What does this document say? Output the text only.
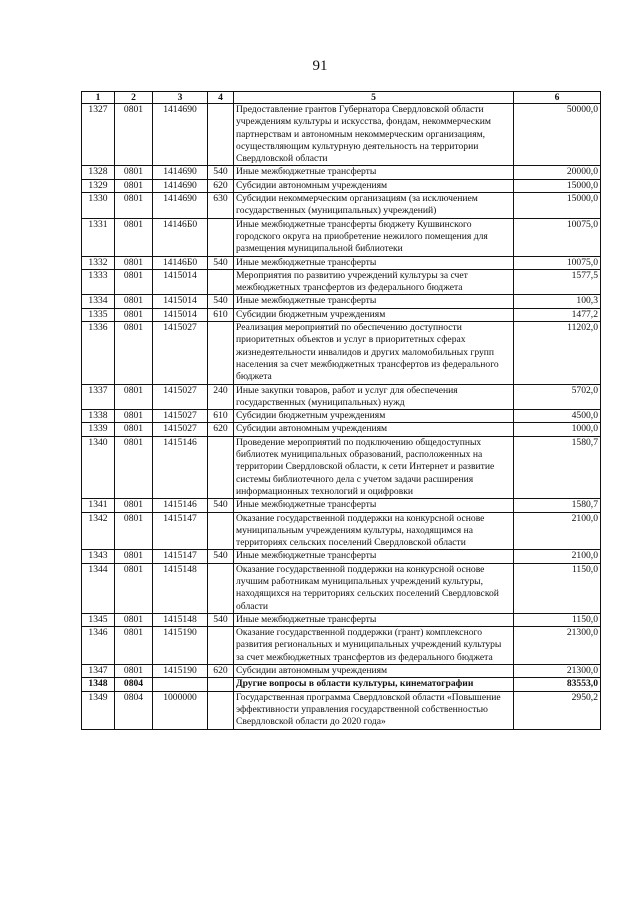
91
1	2	3	4	5	6
1327	0801	1414690		Предоставление грантов Губернатора Свердловской области учреждениям культуры и искусства, фондам, некоммерческим партнерствам и автономным некоммерческим организациям, осуществляющим культурную деятельность на территории Свердловской области	50000,0
1328	0801	1414690	540	Иные межбюджетные трансферты	20000,0
1329	0801	1414690	620	Субсидии автономным учреждениям	15000,0
1330	0801	1414690	630	Субсидии некоммерческим организациям (за исключением государственных (муниципальных) учреждений)	15000,0
1331	0801	14146Б0		Иные межбюджетные трансферты бюджету Кушвинского городского округа на приобретение нежилого помещения для размещения муниципальной библиотеки	10075,0
1332	0801	14146Б0	540	Иные межбюджетные трансферты	10075,0
1333	0801	1415014		Мероприятия по развитию учреждений культуры за счет межбюджетных трансфертов из федерального бюджета	1577,5
1334	0801	1415014	540	Иные межбюджетные трансферты	100,3
1335	0801	1415014	610	Субсидии бюджетным учреждениям	1477,2
1336	0801	1415027		Реализация мероприятий по обеспечению доступности приоритетных объектов и услуг в приоритетных сферах жизнедеятельности инвалидов и других маломобильных групп населения за счет межбюджетных трансфертов из федерального бюджета	11202,0
1337	0801	1415027	240	Иные закупки товаров, работ и услуг для обеспечения государственных (муниципальных) нужд	5702,0
1338	0801	1415027	610	Субсидии бюджетным учреждениям	4500,0
1339	0801	1415027	620	Субсидии автономным учреждениям	1000,0
1340	0801	1415146		Проведение мероприятий по подключению общедоступных библиотек муниципальных образований, расположенных на территории Свердловской области, к сети Интернет и развитие системы библиотечного дела с учетом задачи расширения информационных технологий и оцифровки	1580,7
1341	0801	1415146	540	Иные межбюджетные трансферты	1580,7
1342	0801	1415147		Оказание государственной поддержки на конкурсной основе муниципальным учреждениям культуры, находящимся на территориях сельских поселений Свердловской области	2100,0
1343	0801	1415147	540	Иные межбюджетные трансферты	2100,0
1344	0801	1415148		Оказание государственной поддержки на конкурсной основе лучшим работникам муниципальных учреждений культуры, находящихся на территориях сельских поселений Свердловской области	1150,0
1345	0801	1415148	540	Иные межбюджетные трансферты	1150,0
1346	0801	1415190		Оказание государственной поддержки (грант) комплексного развития региональных и муниципальных учреждений культуры за счет межбюджетных трансфертов из федерального бюджета	21300,0
1347	0801	1415190	620	Субсидии автономным учреждениям	21300,0
1348	0804			Другие вопросы в области культуры, кинематографии	83553,0
1349	0804	1000000		Государственная программа Свердловской области «Повышение эффективности управления государственной собственностью Свердловской области до 2020 года»	2950,2
